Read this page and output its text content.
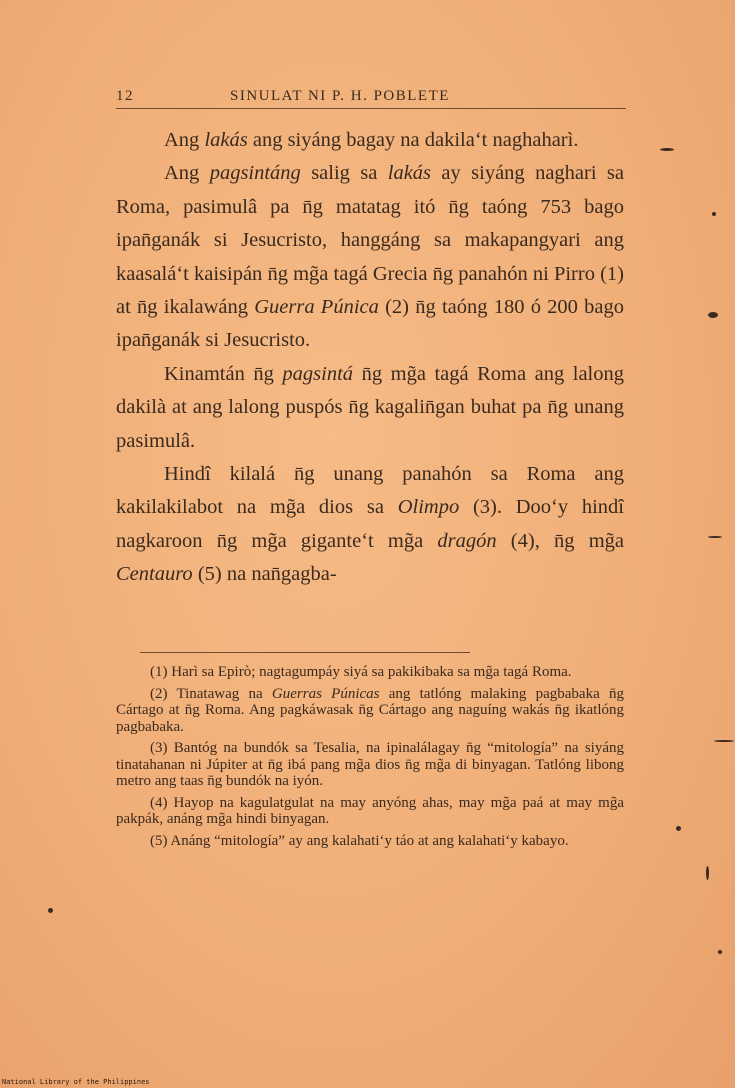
12	SINULAT NI P. H. POBLETE

Ang lakás ang siyáng bagay na dakila‘t naghaharì.

Ang pagsintáng salig sa lakás ay siyáng naghari sa Roma, pasimulâ pa n̄g matatag itó n̄g taóng 753 bago ipan̄ganák si Jesucristo, hanggáng sa makapangyari ang kaasalá‘t kaisipán n̄g mg̃a tagá Grecia n̄g panahón ni Pirro (1) at n̄g ikalawáng Guerra Púnica (2) n̄g taóng 180 ó 200 bago ipan̄ganák si Jesucristo.

Kinamtán n̄g pagsintá n̄g mg̃a tagá Roma ang lalong dakilà at ang lalong puspós n̄g kagalin̄gan buhat pa n̄g unang pasimulâ.

Hindî kilalá n̄g unang panahón sa Roma ang kakilakilabot na mg̃a dios sa Olimpo (3). Doo‘y hindî nagkaroon n̄g mg̃a gigante‘t mg̃a dragón (4), n̄g mg̃a Centauro (5) na nan̄gagba-

(1) Harì sa Epirò; nagtagumpáy siyá sa pakikibaka sa mg̃a tagá Roma.

(2) Tinatawag na Guerras Púnicas ang tatlóng malaking pagbabaka n̄g Cártago at n̄g Roma. Ang pagkáwasak n̄g Cártago ang naguíng wakás n̄g ikatlóng pagbabaka.

(3) Bantóg na bundók sa Tesalia, na ipinalálagay n̄g “mitología” na siyáng tinatahanan ni Júpiter at n̄g ibá pang mg̃a dios n̄g mg̃a di binyagan. Tatlóng libong metro ang taas n̄g bundók na iyón.

(4) Hayop na kagulatgulat na may anyóng ahas, may mg̃a paá at may mg̃a pakpák, anáng mg̃a hindi binyagan.

(5) Anáng “mitología” ay ang kalahati‘y táo at ang kalahati‘y kabayo.

National Library of the Philippines
